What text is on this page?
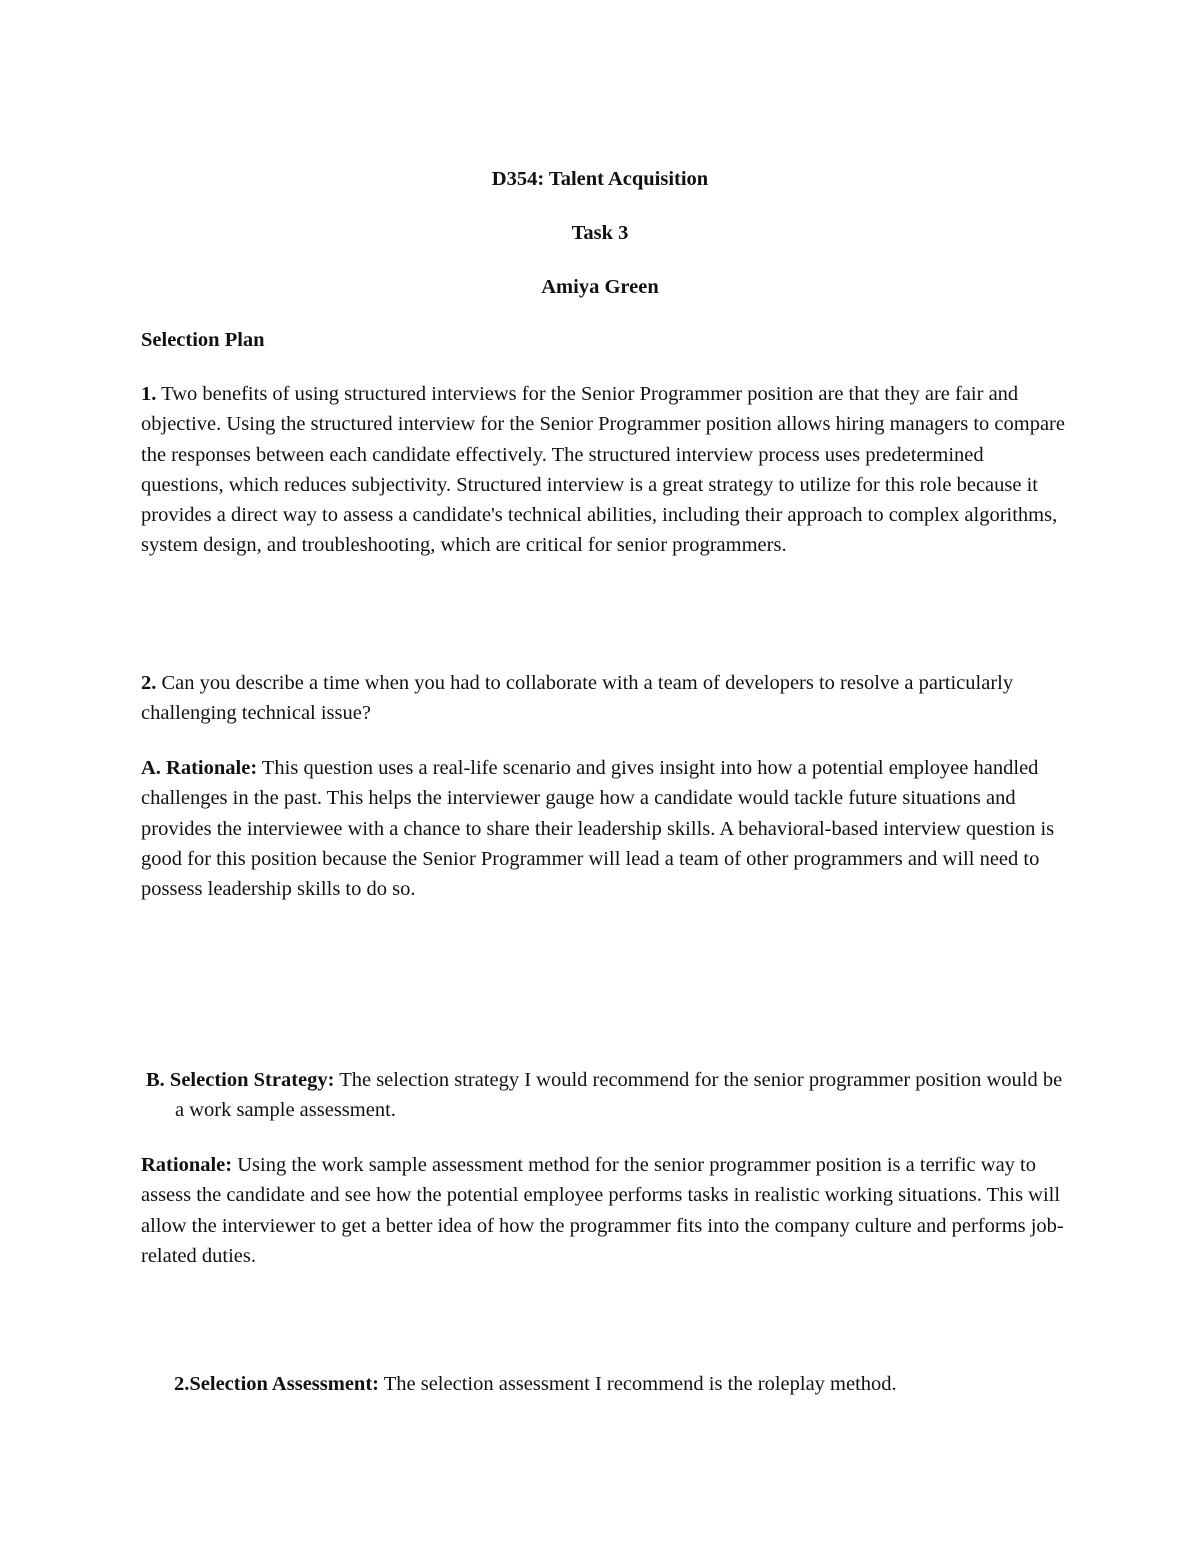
D354: Talent Acquisition
Task 3
Amiya Green
Selection Plan

1. Two benefits of using structured interviews for the Senior Programmer position are that they are fair and objective. Using the structured interview for the Senior Programmer position allows hiring managers to compare the responses between each candidate effectively. The structured interview process uses predetermined questions, which reduces subjectivity. Structured interview is a great strategy to utilize for this role because it provides a direct way to assess a candidate's technical abilities, including their approach to complex algorithms, system design, and troubleshooting, which are critical for senior programmers.

2. Can you describe a time when you had to collaborate with a team of developers to resolve a particularly challenging technical issue?

A. Rationale: This question uses a real-life scenario and gives insight into how a potential employee handled challenges in the past. This helps the interviewer gauge how a candidate would tackle future situations and provides the interviewee with a chance to share their leadership skills. A behavioral-based interview question is good for this position because the Senior Programmer will lead a team of other programmers and will need to possess leadership skills to do so.

B. Selection Strategy: The selection strategy I would recommend for the senior programmer position would be a work sample assessment.

Rationale: Using the work sample assessment method for the senior programmer position is a terrific way to assess the candidate and see how the potential employee performs tasks in realistic working situations. This will allow the interviewer to get a better idea of how the programmer fits into the company culture and performs job-related duties.

2.Selection Assessment: The selection assessment I recommend is the roleplay method.
